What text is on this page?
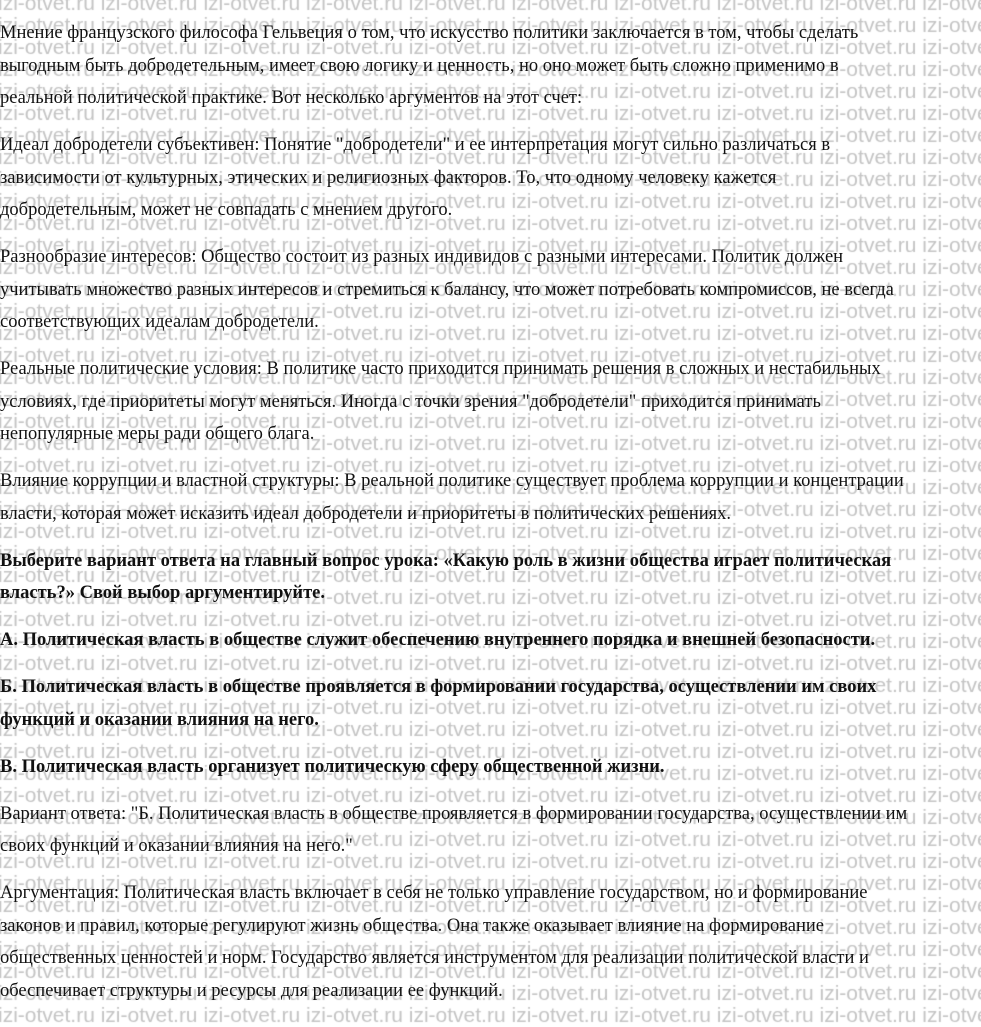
Мнение французского философа Гельвеция о том, что искусство политики заключается в том, чтобы сделать
выгодным быть добродетельным, имеет свою логику и ценность, но оно может быть сложно применимо в
реальной политической практике. Вот несколько аргументов на этот счет:
Идеал добродетели субъективен: Понятие "добродетели" и ее интерпретация могут сильно различаться в
зависимости от культурных, этических и религиозных факторов. То, что одному человеку кажется
добродетельным, может не совпадать с мнением другого.
Разнообразие интересов: Общество состоит из разных индивидов с разными интересами. Политик должен
учитывать множество разных интересов и стремиться к балансу, что может потребовать компромиссов, не всегда
соответствующих идеалам добродетели.
Реальные политические условия: В политике часто приходится принимать решения в сложных и нестабильных
условиях, где приоритеты могут меняться. Иногда с точки зрения "добродетели" приходится принимать
непопулярные меры ради общего блага.
Влияние коррупции и властной структуры: В реальной политике существует проблема коррупции и концентрации
власти, которая может исказить идеал добродетели и приоритеты в политических решениях.
Выберите вариант ответа на главный вопрос урока: «Какую роль в жизни общества играет политическая
власть?» Свой выбор аргументируйте.
А. Политическая власть в обществе служит обеспечению внутреннего порядка и внешней безопасности.
Б. Политическая власть в обществе проявляется в формировании государства, осуществлении им своих
функций и оказании влияния на него.
В. Политическая власть организует политическую сферу общественной жизни.
Вариант ответа: "Б. Политическая власть в обществе проявляется в формировании государства, осуществлении им
своих функций и оказании влияния на него."
Аргументация: Политическая власть включает в себя не только управление государством, но и формирование
законов и правил, которые регулируют жизнь общества. Она также оказывает влияние на формирование
общественных ценностей и норм. Государство является инструментом для реализации политической власти и
обеспечивает структуры и ресурсы для реализации ее функций.
